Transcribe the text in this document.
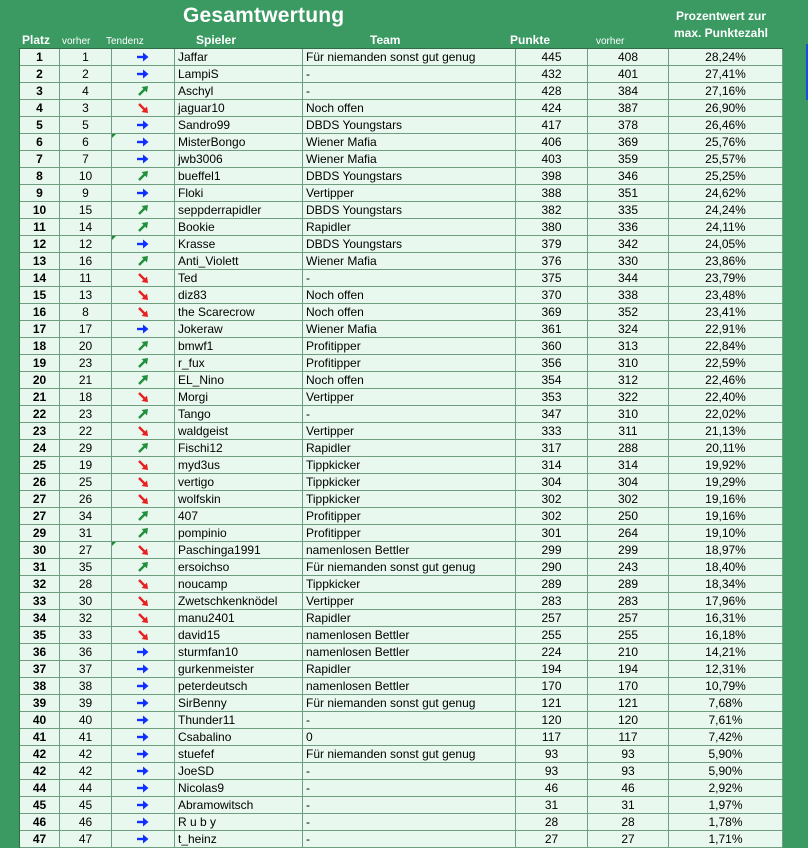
Gesamtwertung
Platz vorher Tendenz	Spieler	Team	Punkte	vorher
Prozentwert zur
max. Punktezahl
1	1	Jaffar	Für niemanden sonst gut genug	445	408	28,24%
2	2	LampiS	-	432	401	27,41%
3	4	Aschyl	-	428	384	27,16%
4	3	jaguar10	Noch offen	424	387	26,90%
5	5	Sandro99	DBDS Youngstars	417	378	26,46%
6	6	MisterBongo	Wiener Mafia	406	369	25,76%
7	7	jwb3006	Wiener Mafia	403	359	25,57%
8	10	bueffel1	DBDS Youngstars	398	346	25,25%
9	9	Floki	Vertipper	388	351	24,62%
10	15	seppderrapidler	DBDS Youngstars	382	335	24,24%
11	14	Bookie	Rapidler	380	336	24,11%
12	12	Krasse	DBDS Youngstars	379	342	24,05%
13	16	Anti_Violett	Wiener Mafia	376	330	23,86%
14	11	Ted	-	375	344	23,79%
15	13	diz83	Noch offen	370	338	23,48%
16	8	the Scarecrow	Noch offen	369	352	23,41%
17	17	Jokeraw	Wiener Mafia	361	324	22,91%
18	20	bmwf1	Profitipper	360	313	22,84%
19	23	r_fux	Profitipper	356	310	22,59%
20	21	EL_Nino	Noch offen	354	312	22,46%
21	18	Morgi	Vertipper	353	322	22,40%
22	23	Tango	-	347	310	22,02%
23	22	waldgeist	Vertipper	333	311	21,13%
24	29	Fischi12	Rapidler	317	288	20,11%
25	19	myd3us	Tippkicker	314	314	19,92%
26	25	vertigo	Tippkicker	304	304	19,29%
27	26	wolfskin	Tippkicker	302	302	19,16%
27	34	407	Profitipper	302	250	19,16%
29	31	pompinio	Profitipper	301	264	19,10%
30	27	Paschinga1991	namenlosen Bettler	299	299	18,97%
31	35	ersoichso	Für niemanden sonst gut genug	290	243	18,40%
32	28	noucamp	Tippkicker	289	289	18,34%
33	30	Zwetschkenknödel	Vertipper	283	283	17,96%
34	32	manu2401	Rapidler	257	257	16,31%
35	33	david15	namenlosen Bettler	255	255	16,18%
36	36	sturmfan10	namenlosen Bettler	224	210	14,21%
37	37	gurkenmeister	Rapidler	194	194	12,31%
38	38	peterdeutsch	namenlosen Bettler	170	170	10,79%
39	39	SirBenny	Für niemanden sonst gut genug	121	121	7,68%
40	40	Thunder11	-	120	120	7,61%
41	41	Csabalino	0	117	117	7,42%
42	42	stuefef	Für niemanden sonst gut genug	93	93	5,90%
42	42	JoeSD	-	93	93	5,90%
44	44	Nicolas9	-	46	46	2,92%
45	45	Abramowitsch	-	31	31	1,97%
46	46	R u b y	-	28	28	1,78%
47	47	t_heinz	-	27	27	1,71%
